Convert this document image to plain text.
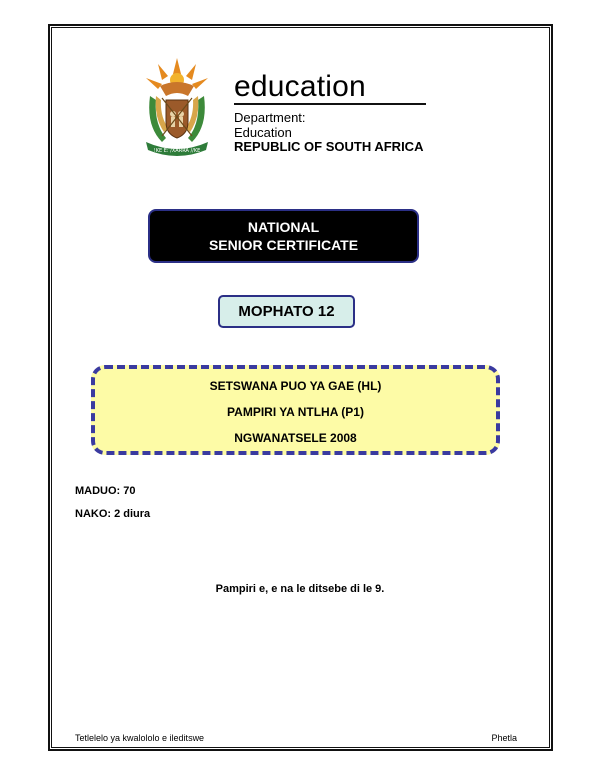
!KE E: /XARRA //KE
education
Department:
Education
REPUBLIC OF SOUTH AFRICA
NATIONAL
SENIOR CERTIFICATE
MOPHATO 12
SETSWANA PUO YA GAE (HL)
PAMPIRI YA NTLHA (P1)
NGWANATSELE 2008
MADUO: 70
NAKO: 2 diura
Pampiri e, e na le ditsebe di le 9.
Tetlelelo ya kwalololo e ileditswe	Phetla
